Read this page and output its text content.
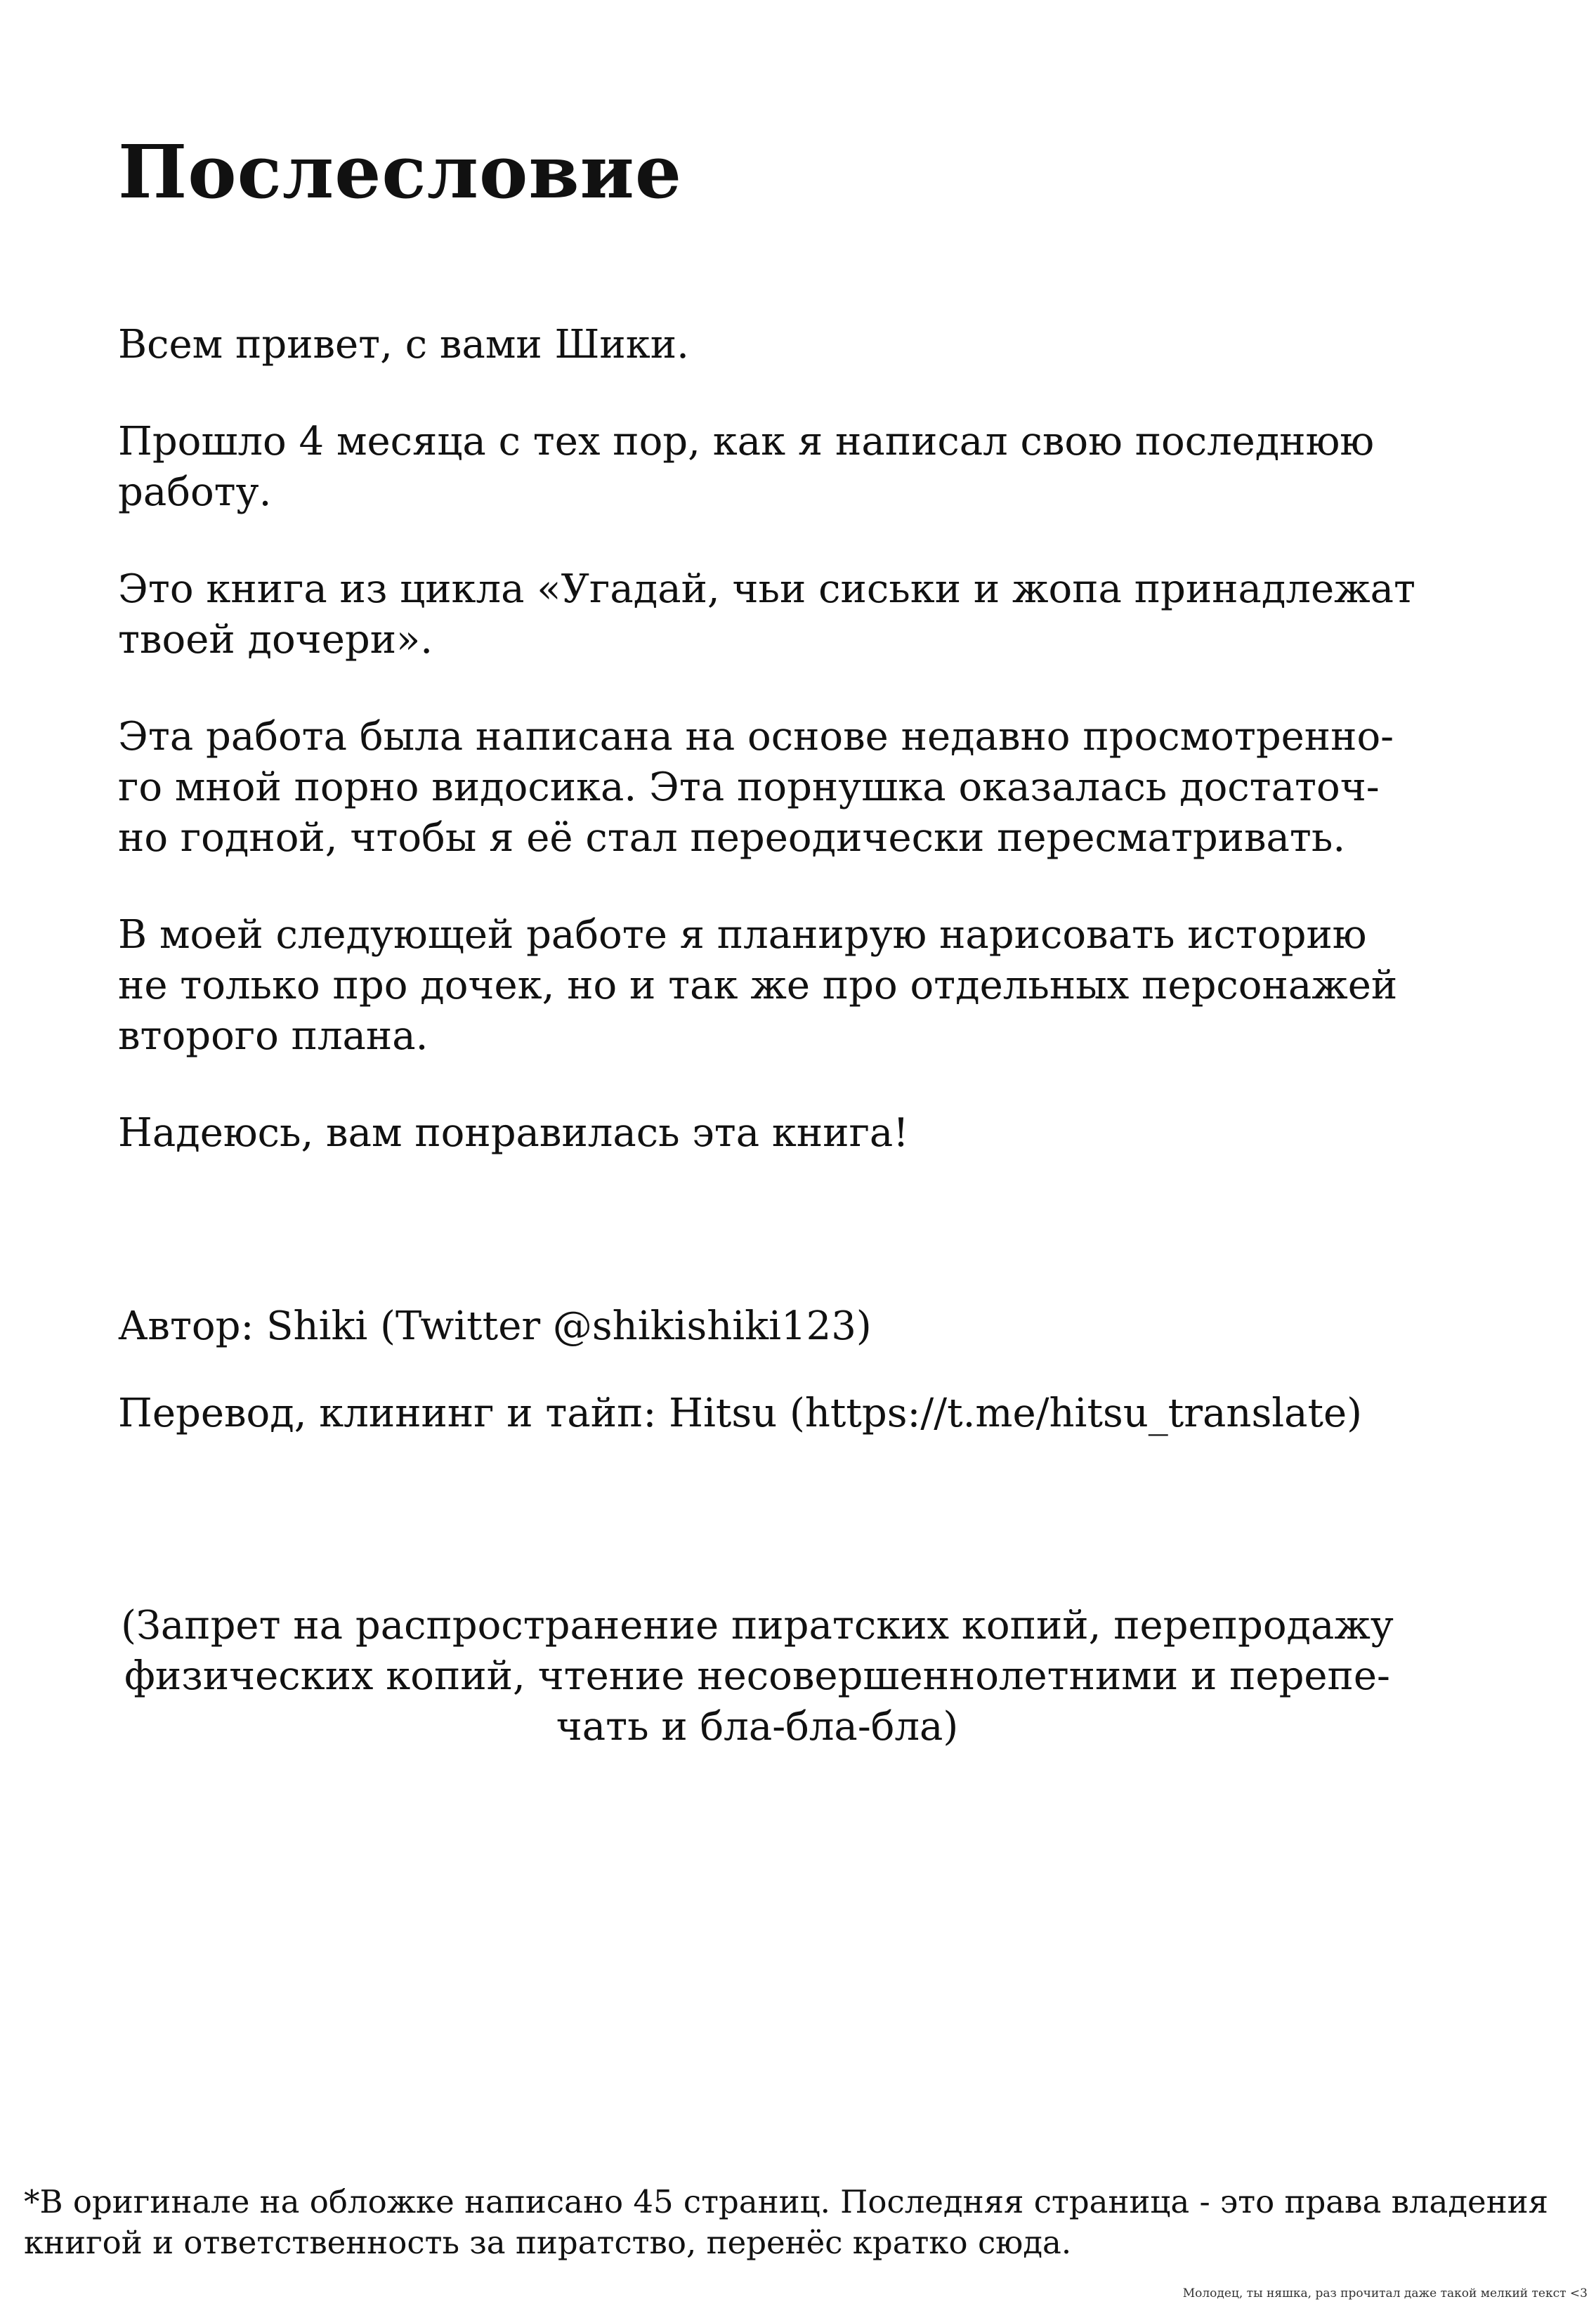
Послесловие

Всем привет, с вами Шики.

Прошло 4 месяца с тех пор, как я написал свою последнюю
работу.

Это книга из цикла «Угадай, чьи сиськи и жопа принадлежат
твоей дочери».

Эта работа была написана на основе недавно просмотренно-
го мной порно видосика. Эта порнушка оказалась достаточ-
но годной, чтобы я её стал переодически пересматривать.

В моей следующей работе я планирую нарисовать историю
не только про дочек, но и так же про отдельных персонажей
второго плана.

Надеюсь, вам понравилась эта книга!

Автор: Shiki (Twitter @shikishiki123)

Перевод, клининг и тайп: Hitsu (https://t.me/hitsu_translate)

(Запрет на распространение пиратских копий, перепродажу
физических копий, чтение несовершеннолетними и перепе-
чать и бла-бла-бла)
*В оригинале на обложке написано 45 страниц. Последняя страница - это права владения
книгой и ответственность за пиратство, перенёс кратко сюда.
Молодец, ты няшка, раз прочитал даже такой мелкий текст <3
